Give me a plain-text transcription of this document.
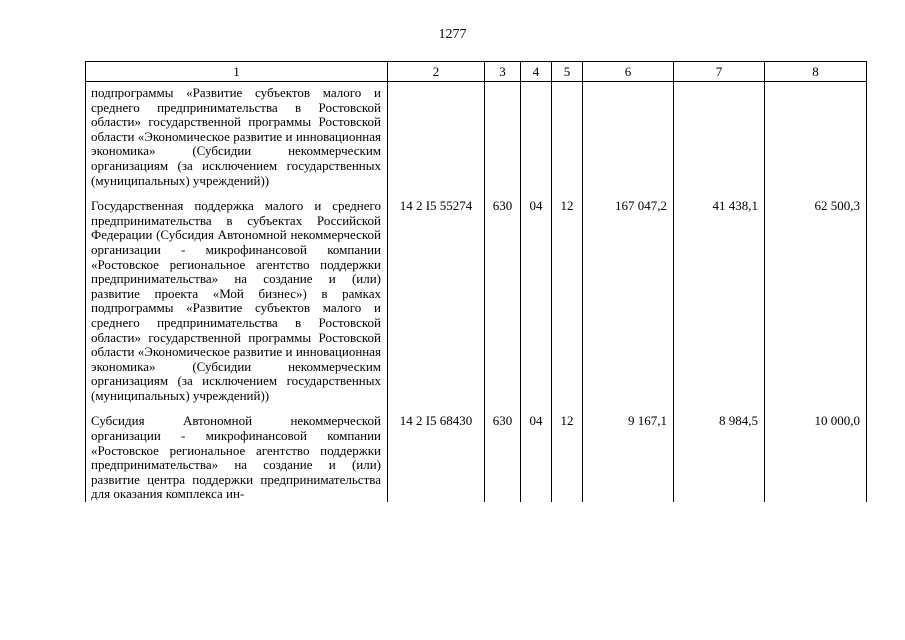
1277
1	2	3	4	5	6	7	8
подпрограммы «Развитие субъектов малого и среднего предпринимательства в Ростовской области» государственной программы Ростовской области «Экономическое развитие и инновационная экономика» (Субсидии некоммерческим организациям (за исключением государственных (муниципальных) учреждений))							
Государственная поддержка малого и среднего предпринимательства в субъектах Российской Федерации (Субсидия Автономной некоммерческой организации - микрофинансовой компании «Ростовское региональное агентство поддержки предпринимательства» на создание и (или) развитие проекта «Мой бизнес») в рамках подпрограммы «Развитие субъектов малого и среднего предпринимательства в Ростовской области» государственной программы Ростовской области «Экономическое развитие и инновационная экономика» (Субсидии некоммерческим организациям (за исключением государственных (муниципальных) учреждений))	14 2 I5 55274	630	04	12	167 047,2	41 438,1	62 500,3
Субсидия Автономной некоммерческой организации - микрофинансовой компании «Ростовское региональное агентство поддержки предпринимательства» на создание и (или) развитие центра поддержки предпринимательства для оказания комплекса ин-	14 2 I5 68430	630	04	12	9 167,1	8 984,5	10 000,0
